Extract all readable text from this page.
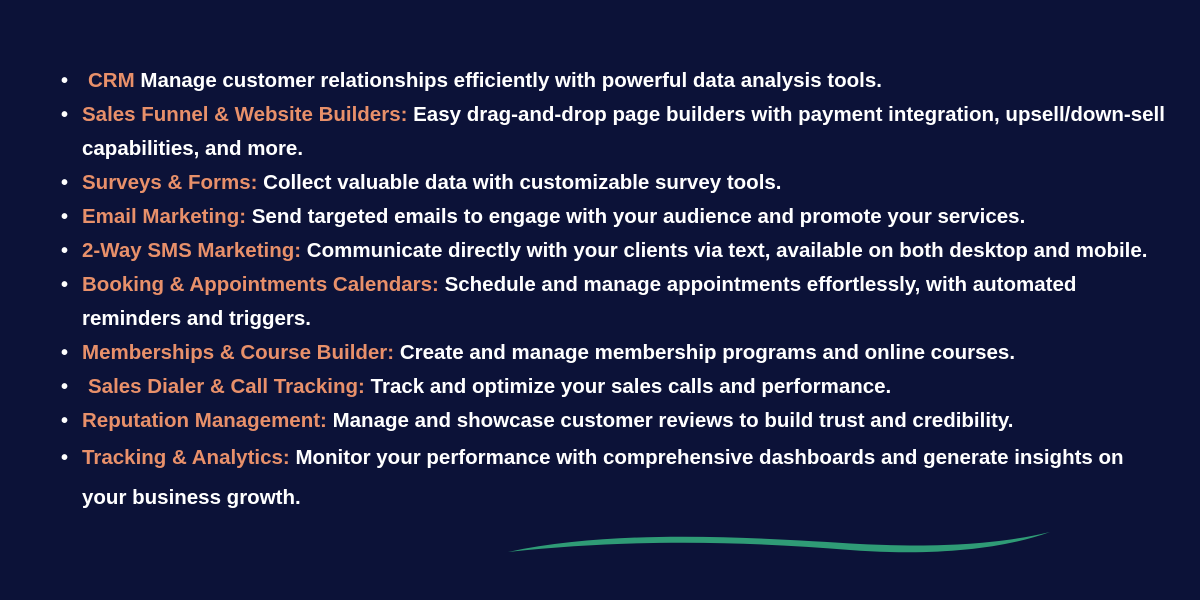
• CRM Manage customer relationships efficiently with powerful data analysis tools.
• Sales Funnel & Website Builders: Easy drag-and-drop page builders with payment integration, upsell/down-sell capabilities, and more.
• Surveys & Forms: Collect valuable data with customizable survey tools.
• Email Marketing: Send targeted emails to engage with your audience and promote your services.
• 2-Way SMS Marketing: Communicate directly with your clients via text, available on both desktop and mobile.
• Booking & Appointments Calendars: Schedule and manage appointments effortlessly, with automated reminders and triggers.
• Memberships & Course Builder: Create and manage membership programs and online courses.
• Sales Dialer & Call Tracking: Track and optimize your sales calls and performance.
• Reputation Management: Manage and showcase customer reviews to build trust and credibility.
• Tracking & Analytics: Monitor your performance with comprehensive dashboards and generate insights on your business growth.
